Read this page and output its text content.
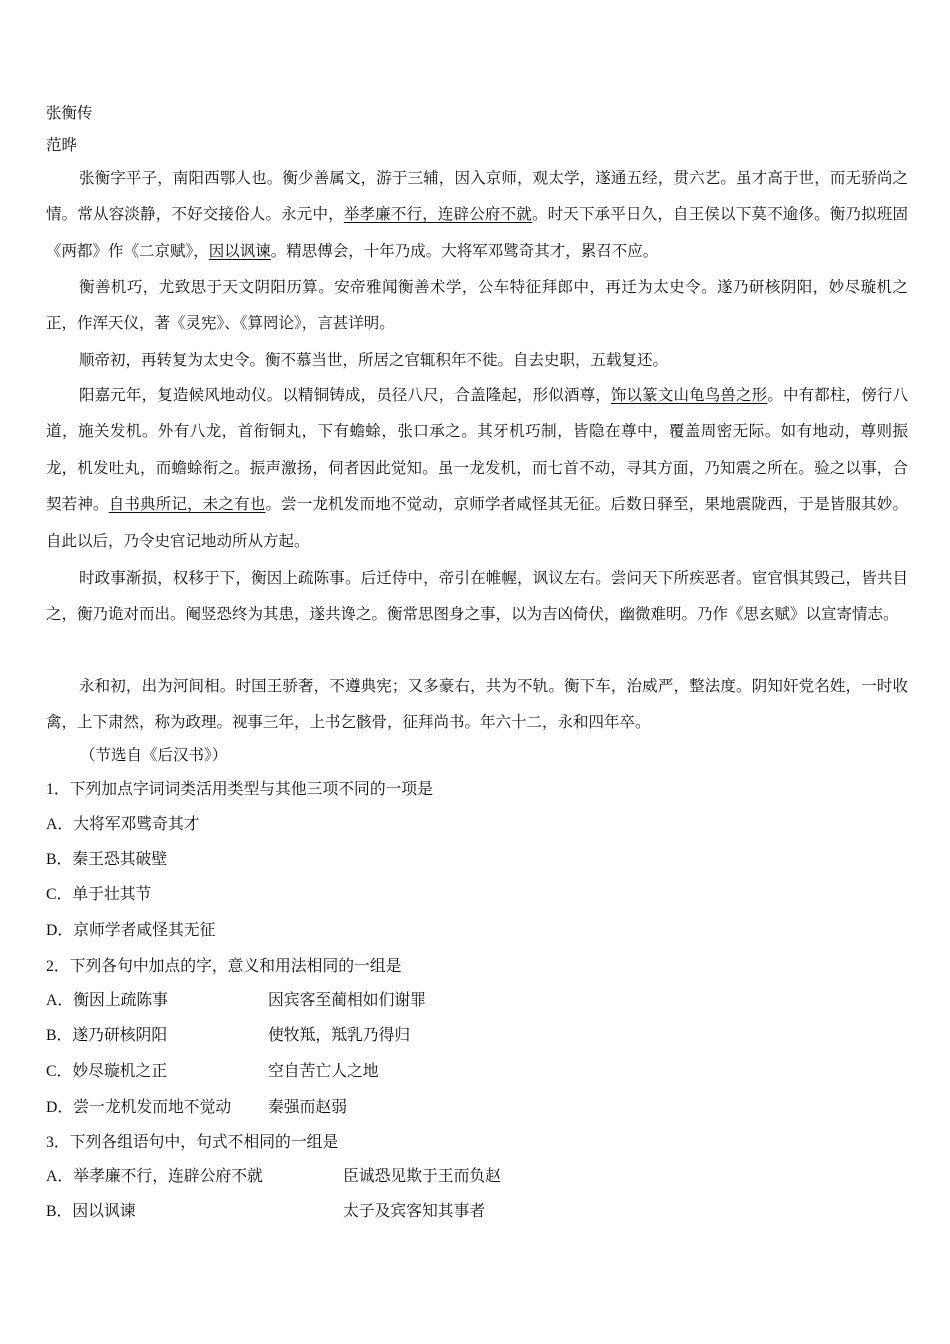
张衡传
范晔
张衡字平子，南阳西鄂人也。衡少善属文，游于三辅，因入京师，观太学，遂通五经，贯六艺。虽才高于世，而无骄尚之情。常从容淡静，不好交接俗人。永元中，举孝廉不行，连辟公府不就。时天下承平日久，自王侯以下莫不逾侈。衡乃拟班固《两都》作《二京赋》，因以讽谏。精思傅会，十年乃成。大将军邓骘奇其才，累召不应。
衡善机巧，尤致思于天文阴阳历算。安帝雅闻衡善术学，公车特征拜郎中，再迁为太史令。遂乃研核阴阳，妙尽璇机之正，作浑天仪，著《灵宪》、《算罔论》，言甚详明。
顺帝初，再转复为太史令。衡不慕当世，所居之官辄积年不徙。自去史职，五载复还。
阳嘉元年，复造候风地动仪。以精铜铸成，员径八尺，合盖隆起，形似酒尊，饰以篆文山龟鸟兽之形。中有都柱，傍行八道，施关发机。外有八龙，首衔铜丸，下有蟾蜍，张口承之。其牙机巧制，皆隐在尊中，覆盖周密无际。如有地动，尊则振龙，机发吐丸，而蟾蜍衔之。振声激扬，伺者因此觉知。虽一龙发机，而七首不动，寻其方面，乃知震之所在。验之以事，合契若神。自书典所记，未之有也。尝一龙机发而地不觉动，京师学者咸怪其无征。后数日驿至，果地震陇西，于是皆服其妙。自此以后，乃令史官记地动所从方起。
时政事渐损，权移于下，衡因上疏陈事。后迁侍中，帝引在帷幄，讽议左右。尝问天下所疾恶者。宦官惧其毁己，皆共目之，衡乃诡对而出。阉竖恐终为其患，遂共谗之。衡常思图身之事，以为吉凶倚伏，幽微难明。乃作《思玄赋》以宣寄情志。
永和初，出为河间相。时国王骄奢，不遵典宪；又多豪右，共为不轨。衡下车，治威严，整法度。阴知奸党名姓，一时收禽，上下肃然，称为政理。视事三年，上书乞骸骨，征拜尚书。年六十二，永和四年卒。
（节选自《后汉书》）
1．下列加点字词词类活用类型与其他三项不同的一项是
A．大将军邓骘奇其才
B．秦王恐其破壁
C．单于壮其节
D．京师学者咸怪其无征
2．下列各句中加点的字，意义和用法相同的一组是
A．衡因上疏陈事	因宾客至蔺相如们谢罪
B．遂乃研核阴阳	使牧羝，羝乳乃得归
C．妙尽璇机之正	空自苦亡人之地
D．尝一龙机发而地不觉动 秦强而赵弱
3．下列各组语句中，句式不相同的一组是
A．举孝廉不行，连辟公府不就	臣诚恐见欺于王而负赵
B．因以讽谏	太子及宾客知其事者
